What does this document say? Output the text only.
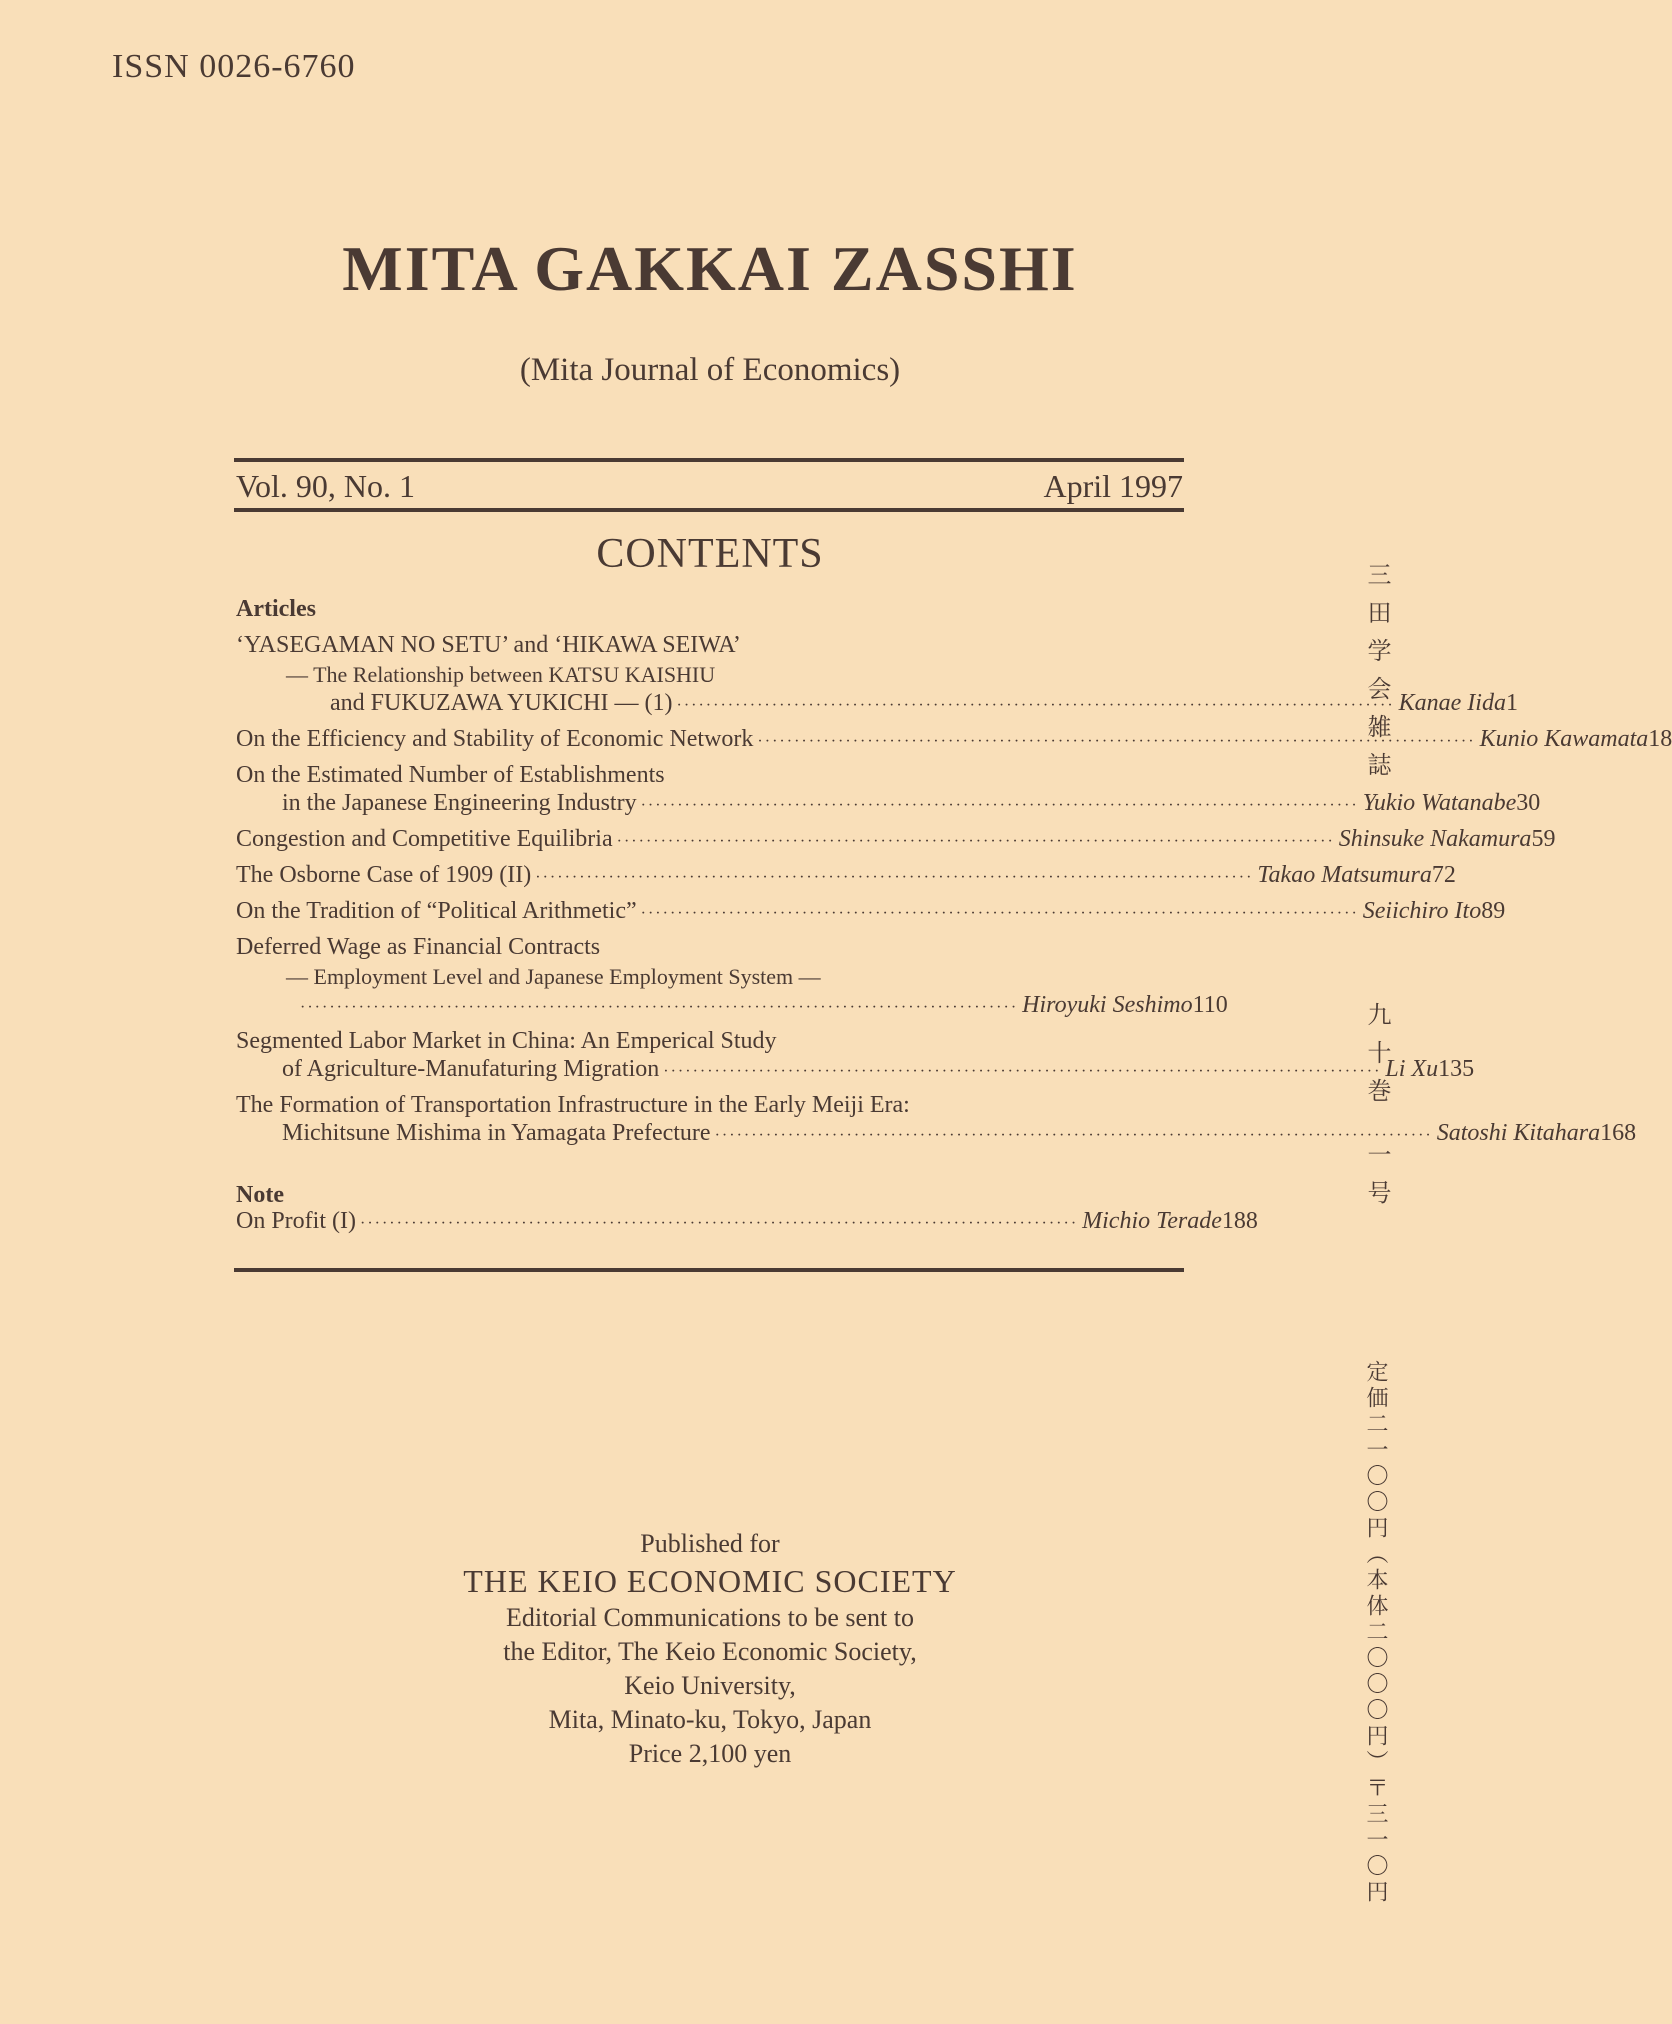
ISSN 0026-6760
MITA GAKKAI ZASSHI
(Mita Journal of Economics)
Vol. 90, No. 1	April 1997
CONTENTS
Articles
‘YASEGAMAN NO SETU’ and ‘HIKAWA SEIWA’
— The Relationship between KATSU KAISHIU
and FUKUZAWA YUKICHI — (1) ·································································································· Kanae Iida 1
On the Efficiency and Stability of Economic Network ·································································································· Kunio Kawamata 18
On the Estimated Number of Establishments
in the Japanese Engineering Industry ·································································································· Yukio Watanabe 30
Congestion and Competitive Equilibria ·································································································· Shinsuke Nakamura 59
The Osborne Case of 1909 (II) ·································································································· Takao Matsumura 72
On the Tradition of “Political Arithmetic” ·································································································· Seiichiro Ito 89
Deferred Wage as Financial Contracts
— Employment Level and Japanese Employment System —
·································································································· Hiroyuki Seshimo 110
Segmented Labor Market in China: An Emperical Study
of Agriculture-Manufaturing Migration ·································································································· Li Xu 135
The Formation of Transportation Infrastructure in the Early Meiji Era:
Michitsune Mishima in Yamagata Prefecture ·································································································· Satoshi Kitahara 168
Note
On Profit (I) ·································································································· Michio Terade 188
Published for
THE KEIO ECONOMIC SOCIETY
Editorial Communications to be sent to
the Editor, The Keio Economic Society,
Keio University,
Mita, Minato-ku, Tokyo, Japan
Price 2,100 yen
三田学会雑誌
九十巻
一号
定価二一〇〇円（本体二〇〇〇円）〒三一〇円
